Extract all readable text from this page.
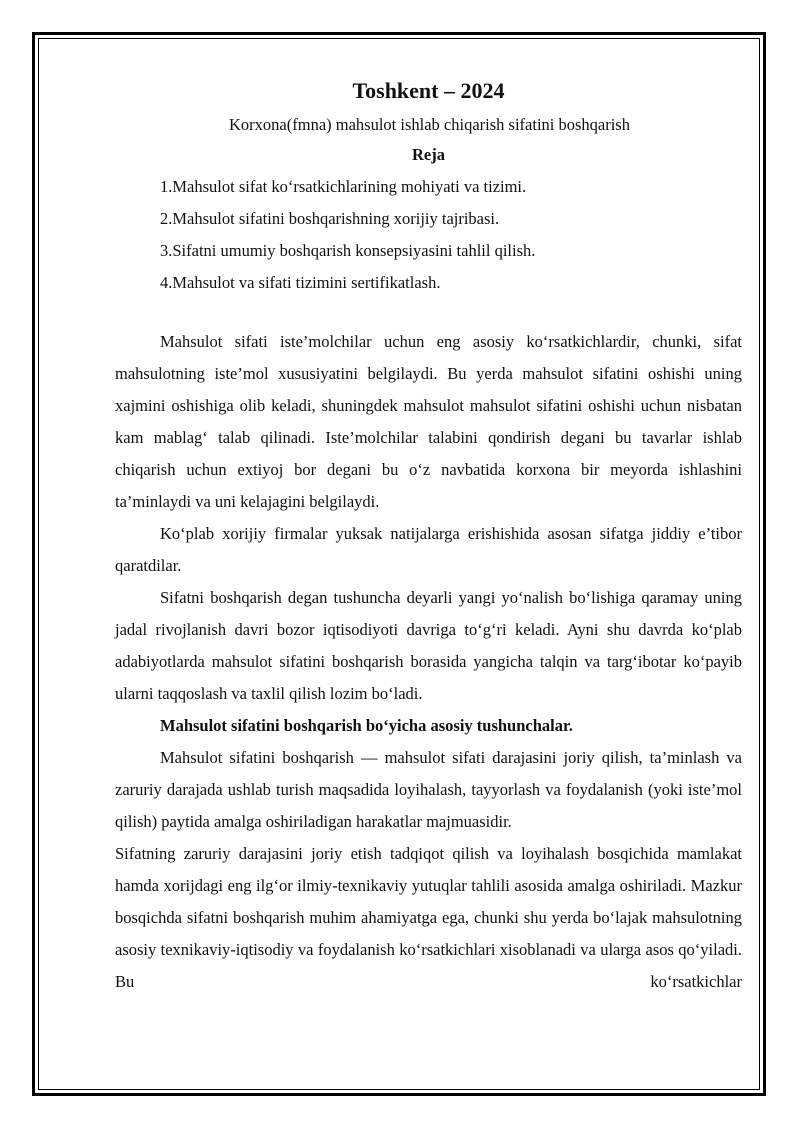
Toshkent – 2024
Korxona(fmna) mahsulot ishlab chiqarish sifatini boshqarish
Reja
1.Mahsulot sifat ko‘rsatkichlarining mohiyati va tizimi.
2.Mahsulot sifatini boshqarishning xorijiy tajribasi.
3.Sifatni umumiy boshqarish konsepsiyasini tahlil qilish.
4.Mahsulot va sifati tizimini sertifikatlash.

Mahsulot sifati iste’molchilar uchun eng asosiy ko‘rsatkichlardir, chunki, sifat mahsulotning iste’mol xususiyatini belgilaydi. Bu yerda mahsulot sifatini oshishi uning xajmini oshishiga olib keladi, shuningdek mahsulot mahsulot sifatini oshishi uchun nisbatan kam mablag‘ talab qilinadi. Iste’molchilar talabini qondirish degani bu tavarlar ishlab chiqarish uchun extiyoj bor degani bu o‘z navbatida korxona bir meyorda ishlashini ta’minlaydi va uni kelajagini belgilaydi.

Ko‘plab xorijiy firmalar yuksak natijalarga erishishida asosan sifatga jiddiy e’tibor qaratdilar.

Sifatni boshqarish degan tushuncha deyarli yangi yo‘nalish bo‘lishiga qaramay uning jadal rivojlanish davri bozor iqtisodiyoti davriga to‘g‘ri keladi. Ayni shu davrda ko‘plab adabiyotlarda mahsulot sifatini boshqarish borasida yangicha talqin va targ‘ibotar ko‘payib ularni taqqoslash va taxlil qilish lozim bo‘ladi.

Mahsulot sifatini boshqarish bo‘yicha asosiy tushunchalar.

Mahsulot sifatini boshqarish — mahsulot sifati darajasini joriy qilish, ta’minlash va zaruriy darajada ushlab turish maqsadida loyihalash, tayyorlash va foydalanish (yoki iste’mol qilish) paytida amalga oshiriladigan harakatlar majmuasidir.

Sifatning zaruriy darajasini joriy etish tadqiqot qilish va loyihalash bosqichida mamlakat hamda xorijdagi eng ilg‘or ilmiy-texnikaviy yutuqlar tahlili asosida amalga oshiriladi. Mazkur bosqichda sifatni boshqarish muhim ahamiyatga ega, chunki shu yerda bo‘lajak mahsulotning asosiy texnikaviy-iqtisodiy va foydalanish ko‘rsatkichlari xisoblanadi va ularga asos qo‘yiladi. Bu ko‘rsatkichlar
